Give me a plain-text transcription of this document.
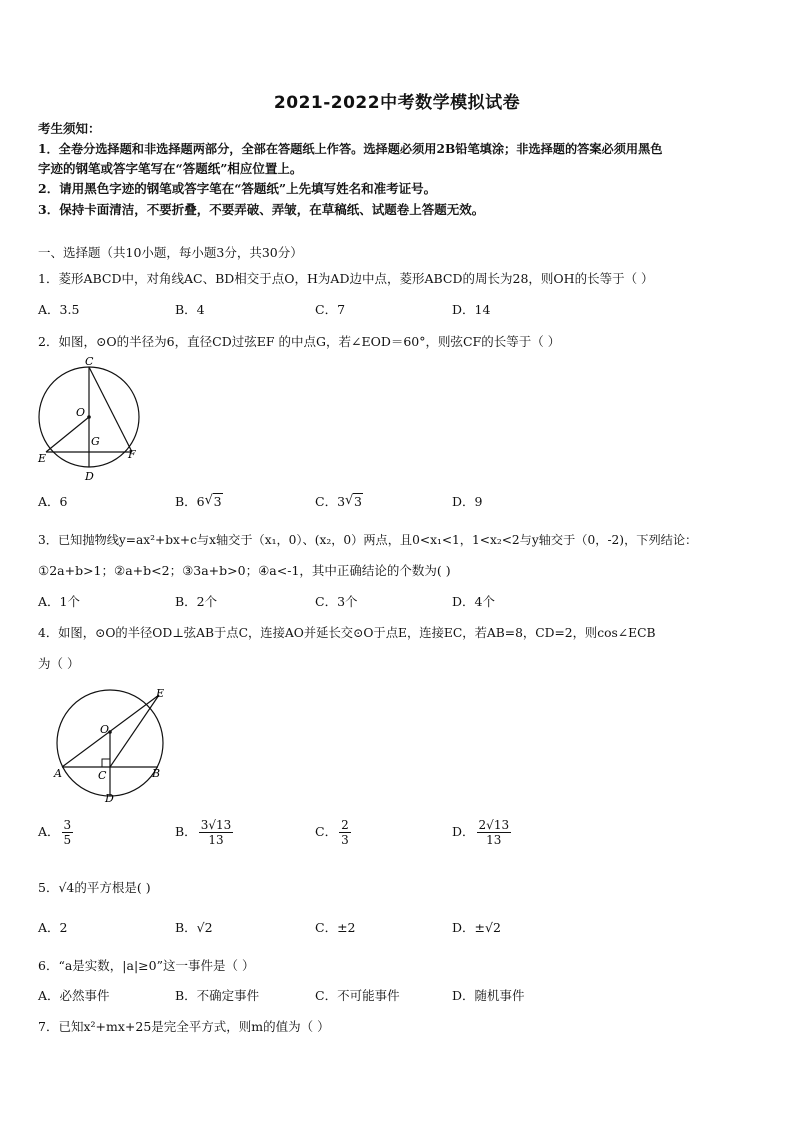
2021-2022中考数学模拟试卷
考生须知：
1．全卷分选择题和非选择题两部分，全部在答题纸上作答。选择题必须用2B铅笔填涂；非选择题的答案必须用黑色
字迹的钢笔或答字笔写在“答题纸”相应位置上。
2．请用黑色字迹的钢笔或答字笔在“答题纸”上先填写姓名和准考证号。
3．保持卡面清洁，不要折叠，不要弄破、弄皱，在草稿纸、试题卷上答题无效。
一、选择题（共10小题，每小题3分，共30分）
1．菱形ABCD中，对角线AC、BD相交于点O，H为AD边中点，菱形ABCD的周长为28，则OH的长等于（ ）
A．3.5	B．4	C．7	D．14
2．如图，⊙O的半径为6，直径CD过弦EF 的中点G，若∠EOD＝60°，则弦CF的长等于（ ）
C
O
G
E	F
D
A．6	B．6 √ 3	C．3 √ 3	D．9
3．已知抛物线y=ax²+bx+c与x轴交于（x₁，0）、(x₂，0）两点，且0<x₁<1，1<x₂<2与y轴交于（0，-2)，下列结论：
①2a+b>1；②a+b<2；③3a+b>0；④a<-1，其中正确结论的个数为( )
A．1个	B．2个	C．3个	D．4个
4．如图，⊙O的半径OD⊥弦AB于点C，连接AO并延长交⊙O于点E，连接EC，若AB=8，CD=2，则cos∠ECB
为（ ）
E
O
A	C	B
D
A． $\frac{3}{5}$	B． $\frac{3√13}{13}$	C． $\frac{2}{3}$	D． $\frac{2√13}{13}$
5．√4的平方根是( )
A．2	B．√2	C．±2	D．±√2
6．“a是实数，|a|≥0”这一事件是（ ）
A．必然事件	B．不确定事件	C．不可能事件	D．随机事件
7．已知x²+mx+25是完全平方式，则m的值为（ ）
